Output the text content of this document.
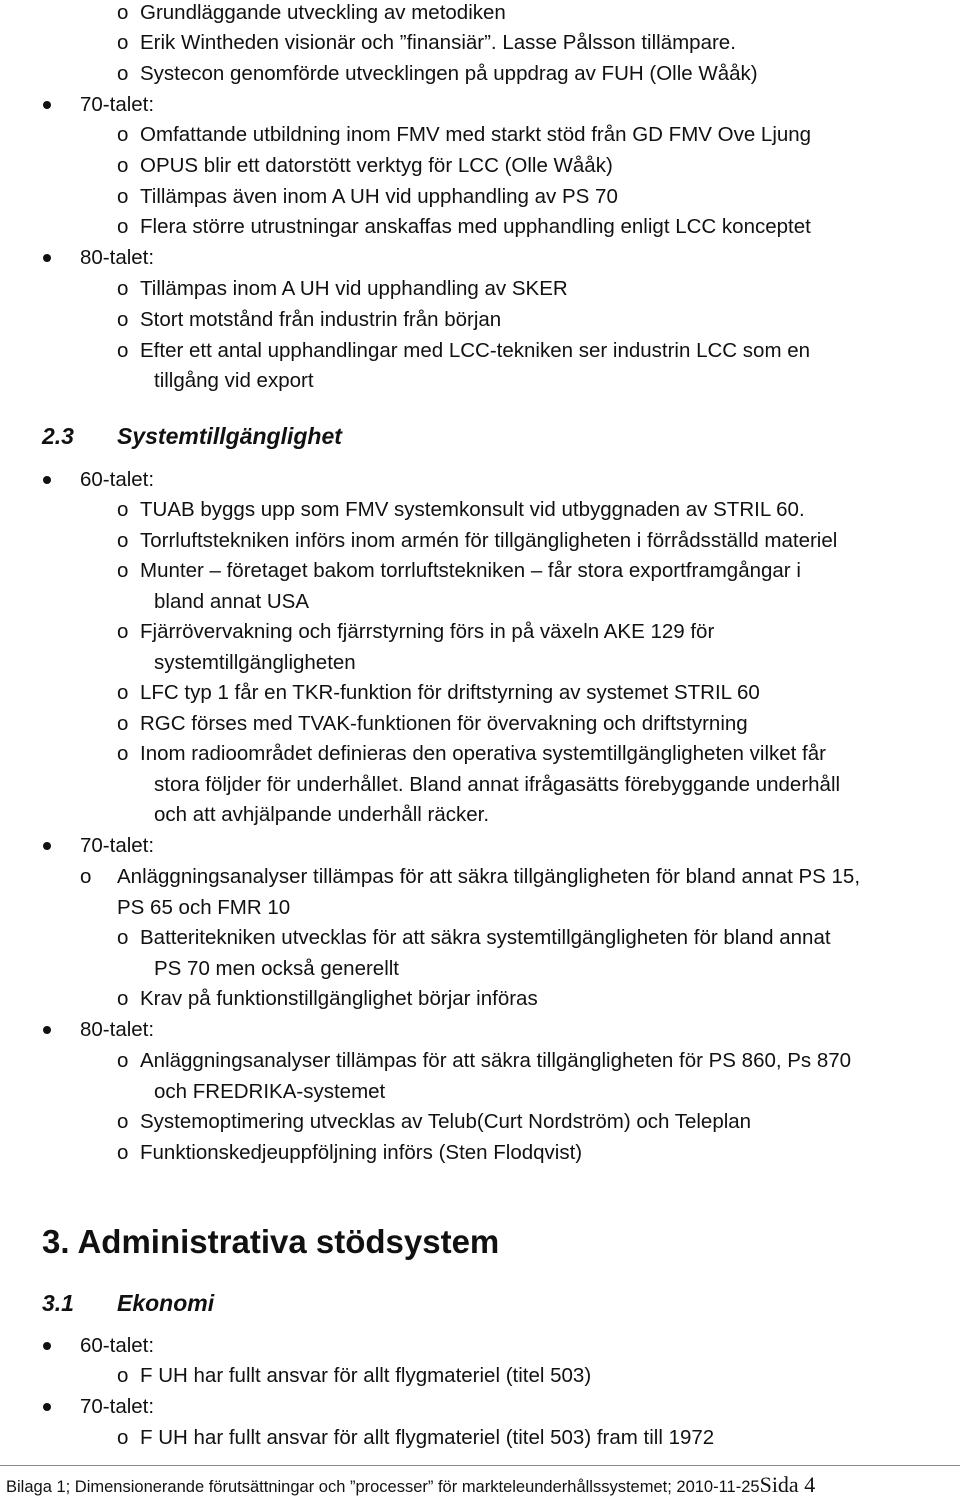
Grundläggande utveckling av metodiken
Erik Wintheden visionär och ”finansiär”. Lasse Pålsson tillämpare.
Systecon genomförde utvecklingen på uppdrag av FUH (Olle Wååk)
70-talet:
Omfattande utbildning inom FMV med starkt stöd från GD FMV Ove Ljung
OPUS blir ett datorstött verktyg för LCC (Olle Wååk)
Tillämpas även inom A UH vid upphandling av PS 70
Flera större utrustningar anskaffas med upphandling enligt LCC konceptet
80-talet:
Tillämpas inom A UH vid upphandling av SKER
Stort motstånd från industrin från början
Efter ett antal upphandlingar med LCC-tekniken ser industrin LCC som en
tillgång vid export
2.3 Systemtillgänglighet
60-talet:
TUAB byggs upp som FMV systemkonsult vid utbyggnaden av STRIL 60.
Torrluftstekniken införs inom armén för tillgängligheten i förrådsställd materiel
Munter – företaget bakom torrluftstekniken – får stora exportframgångar i
bland annat USA
Fjärrövervakning och fjärrstyrning förs in på växeln AKE 129 för
systemtillgängligheten
LFC typ 1 får en TKR-funktion för driftstyrning av systemet STRIL 60
RGC förses med TVAK-funktionen för övervakning och driftstyrning
Inom radioområdet definieras den operativa systemtillgängligheten vilket får
stora följder för underhållet. Bland annat ifrågasätts förebyggande underhåll
och att avhjälpande underhåll räcker.
70-talet:
o Anläggningsanalyser tillämpas för att säkra tillgängligheten för bland annat PS 15,
PS 65 och FMR 10
Batteritekniken utvecklas för att säkra systemtillgängligheten för bland annat
PS 70 men också generellt
Krav på funktionstillgänglighet börjar införas
80-talet:
Anläggningsanalyser tillämpas för att säkra tillgängligheten för PS 860, Ps 870
och FREDRIKA-systemet
Systemoptimering utvecklas av Telub(Curt Nordström) och Teleplan
Funktionskedjeuppföljning införs (Sten Flodqvist)
3. Administrativa stödsystem
3.1 Ekonomi
60-talet:
F UH har fullt ansvar för allt flygmateriel (titel 503)
70-talet:
F UH har fullt ansvar för allt flygmateriel (titel 503) fram till 1972
Bilaga 1; Dimensionerande förutsättningar och ”processer” för markteleunderhållssystemet; 2010-11-25Sida 4
